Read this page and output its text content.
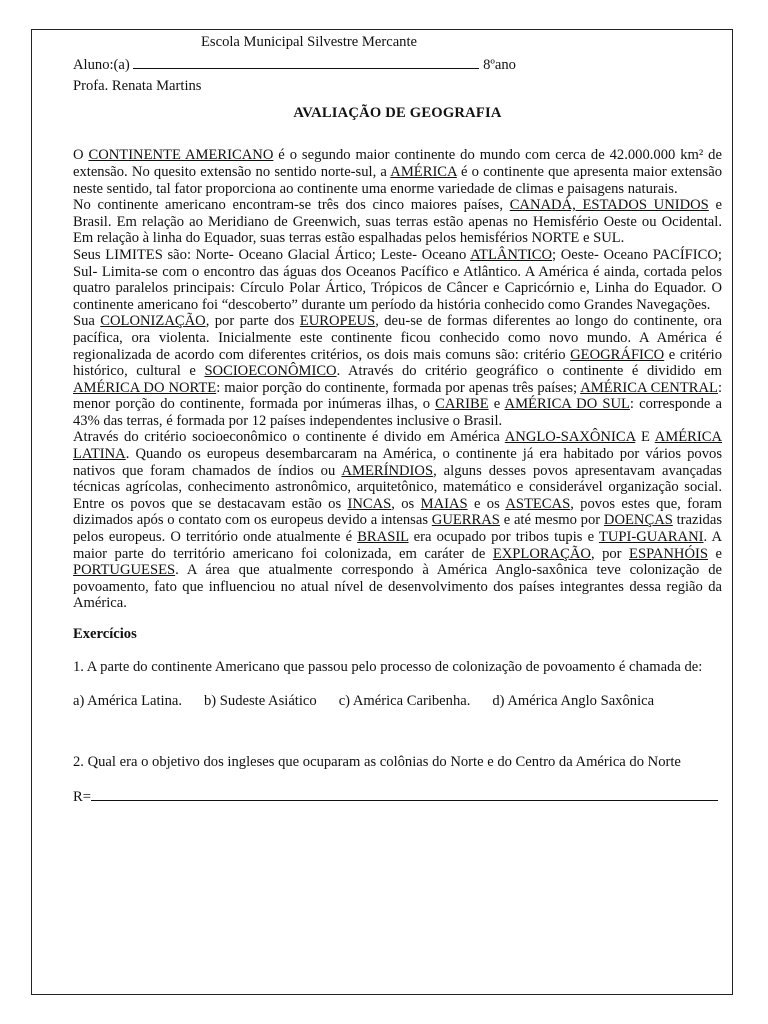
Escola Municipal Silvestre Mercante
Aluno:(a)	8ºano
Profa. Renata Martins
AVALIAÇÃO DE GEOGRAFIA

O CONTINENTE AMERICANO é o segundo maior continente do mundo com cerca de 42.000.000 km² de extensão. No quesito extensão no sentido norte-sul, a AMÉRICA é o continente que apresenta maior extensão neste sentido, tal fator proporciona ao continente uma enorme variedade de climas e paisagens naturais.

No continente americano encontram-se três dos cinco maiores países, CANADÁ, ESTADOS UNIDOS e Brasil. Em relação ao Meridiano de Greenwich, suas terras estão apenas no Hemisfério Oeste ou Ocidental. Em relação à linha do Equador, suas terras estão espalhadas pelos hemisférios NORTE e SUL.

Seus LIMITES são: Norte- Oceano Glacial Ártico; Leste- Oceano ATLÂNTICO; Oeste- Oceano PACÍFICO; Sul- Limita-se com o encontro das águas dos Oceanos Pacífico e Atlântico. A América é ainda, cortada pelos quatro paralelos principais: Círculo Polar Ártico, Trópicos de Câncer e Capricórnio e, Linha do Equador. O continente americano foi “descoberto” durante um período da história conhecido como Grandes Navegações.

Sua COLONIZAÇÃO, por parte dos EUROPEUS, deu-se de formas diferentes ao longo do continente, ora pacífica, ora violenta. Inicialmente este continente ficou conhecido como novo mundo. A América é regionalizada de acordo com diferentes critérios, os dois mais comuns são: critério GEOGRÁFICO e critério histórico, cultural e SOCIOECONÔMICO. Através do critério geográfico o continente é dividido em AMÉRICA DO NORTE: maior porção do continente, formada por apenas três países; AMÉRICA CENTRAL: menor porção do continente, formada por inúmeras ilhas, o CARIBE e AMÉRICA DO SUL: corresponde a 43% das terras, é formada por 12 países independentes inclusive o Brasil.

Através do critério socioeconômico o continente é divido em América ANGLO-SAXÔNICA E AMÉRICA LATINA. Quando os europeus desembarcaram na América, o continente já era habitado por vários povos nativos que foram chamados de índios ou AMERÍNDIOS, alguns desses povos apresentavam avançadas técnicas agrícolas, conhecimento astronômico, arquitetônico, matemático e considerável organização social. Entre os povos que se destacavam estão os INCAS, os MAIAS e os ASTECAS, povos estes que, foram dizimados após o contato com os europeus devido a intensas GUERRAS e até mesmo por DOENÇAS trazidas pelos europeus. O território onde atualmente é BRASIL era ocupado por tribos tupis e TUPI-GUARANI. A maior parte do território americano foi colonizada, em caráter de EXPLORAÇÃO, por ESPANHÓIS e PORTUGUESES. A área que atualmente correspondo à América Anglo-saxônica teve colonização de povoamento, fato que influenciou no atual nível de desenvolvimento dos países integrantes dessa região da América.

Exercícios
1. A parte do continente Americano que passou pelo processo de colonização de povoamento é chamada de:
a) América Latina. b) Sudeste Asiático c) América Caribenha. d) América Anglo Saxônica
2. Qual era o objetivo dos ingleses que ocuparam as colônias do Norte e do Centro da América do Norte
R=
